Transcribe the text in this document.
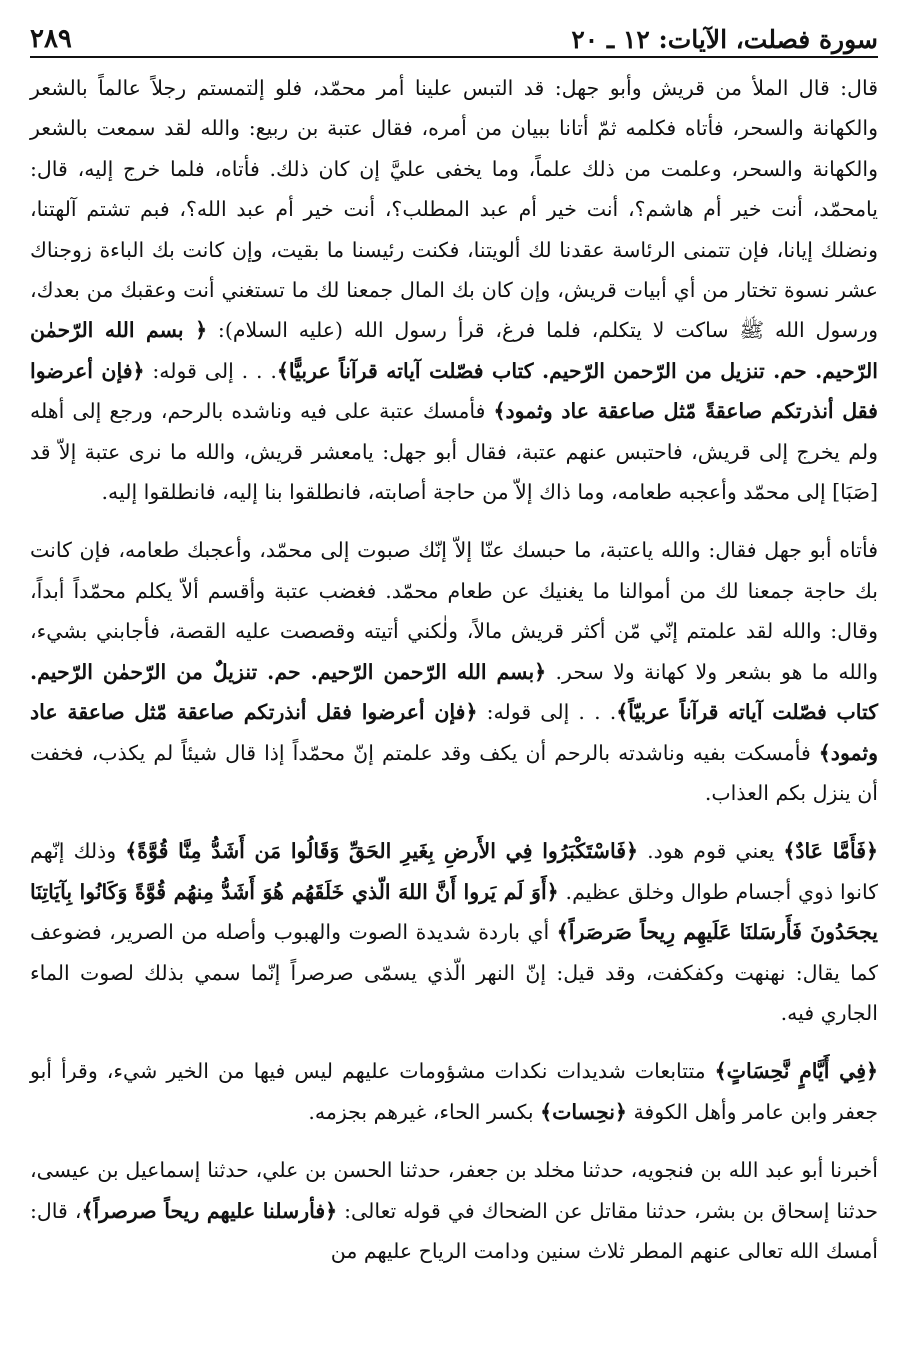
سورة فصلت، الآيات: ١٢ ـ ٢٠
٢٨٩

قال: قال الملأ من قريش وأبو جهل: قد التبس علينا أمر محمّد، فلو إلتمستم رجلاً عالماً بالشعر والكهانة والسحر، فأتاه فكلمه ثمّ أتانا ببيان من أمره، فقال عتبة بن ربيع: والله لقد سمعت بالشعر والكهانة والسحر، وعلمت من ذلك علماً، وما يخفى عليَّ إن كان ذلك. فأتاه، فلما خرج إليه، قال: يامحمّد، أنت خير أم هاشم؟، أنت خير أم عبد المطلب؟، أنت خير أم عبد الله؟، فبم تشتم آلهتنا، ونضلك إيانا، فإن تتمنى الرئاسة عقدنا لك ألويتنا، فكنت رئيسنا ما بقيت، وإن كانت بك الباءة زوجناك عشر نسوة تختار من أي أبيات قريش، وإن كان بك المال جمعنا لك ما تستغني أنت وعقبك من بعدك، ورسول الله ﷺ ساكت لا يتكلم، فلما فرغ، قرأ رسول الله (عليه السلام): ﴿ بسم الله الرّحمٰن الرّحيم. حم. تنزيل من الرّحمن الرّحيم. كتاب فصّلت آياته قرآناً عربيًّا﴾. . . إلى قوله: ﴿فإن أعرضوا فقل أنذرتكم صاعقةً مّثل صاعقة عاد وثمود﴾ فأمسك عتبة على فيه وناشده بالرحم، ورجع إلى أهله ولم يخرج إلى قريش، فاحتبس عنهم عتبة، فقال أبو جهل: يامعشر قريش، والله ما نرى عتبة إلاّ قد [صَبَا] إلى محمّد وأعجبه طعامه، وما ذاك إلاّ من حاجة أصابته، فانطلقوا بنا إليه، فانطلقوا إليه.

فأتاه أبو جهل فقال: والله ياعتبة، ما حبسك عنّا إلاّ إنّك صبوت إلى محمّد، وأعجبك طعامه، فإن كانت بك حاجة جمعنا لك من أموالنا ما يغنيك عن طعام محمّد. فغضب عتبة وأقسم ألاّ يكلم محمّداً أبداً، وقال: والله لقد علمتم إنّي مّن أكثر قريش مالاً، ولٰكني أتيته وقصصت عليه القصة، فأجابني بشيء، والله ما هو بشعر ولا كهانة ولا سحر. ﴿بسم الله الرّحمن الرّحيم. حم. تنزيلٌ من الرّحمٰن الرّحيم. كتاب فصّلت آياته قرآناً عربيّاً﴾. . . إلى قوله: ﴿فإن أعرضوا فقل أنذرتكم صاعقة مّثل صاعقة عاد وثمود﴾ فأمسكت بفيه وناشدته بالرحم أن يكف وقد علمتم إنّ محمّداً إذا قال شيئاً لم يكذب، فخفت أن ينزل بكم العذاب.

﴿فَأَمَّا عَادٌ﴾ يعني قوم هود. ﴿فَاسْتَكْبَرُوا فِي الأَرضِ بِغَيرِ الحَقِّ وَقَالُوا مَن أَشَدُّ مِنَّا قُوَّةً﴾ وذلك إنّهم كانوا ذوي أجسام طوال وخلق عظيم. ﴿أَوَ لَم يَروا أَنَّ اللهَ الّذي خَلَقَهُم هُوَ أَشَدُّ مِنهُم قُوَّةً وَكَانُوا بِآيَاتِنَا يجحَدُونَ فَأَرسَلنَا عَلَيهِم رِيحاً صَرصَراً﴾ أي باردة شديدة الصوت والهبوب وأصله من الصرير، فضوعف كما يقال: نهنهت وكفكفت، وقد قيل: إنّ النهر الّذي يسمّى صرصراً إنّما سمي بذلك لصوت الماء الجاري فيه.

﴿فِي أَيَّامٍ نَّحِسَاتٍ﴾ متتابعات شديدات نكدات مشؤومات عليهم ليس فيها من الخير شيء، وقرأ أبو جعفر وابن عامر وأهل الكوفة ﴿نحِسات﴾ بكسر الحاء، غيرهم بجزمه.

أخبرنا أبو عبد الله بن فنجويه، حدثنا مخلد بن جعفر، حدثنا الحسن بن علي، حدثنا إسماعيل بن عيسى، حدثنا إسحاق بن بشر، حدثنا مقاتل عن الضحاك في قوله تعالى: ﴿فأرسلنا عليهم ريحاً صرصراً﴾، قال: أمسك الله تعالى عنهم المطر ثلاث سنين ودامت الرياح عليهم من
